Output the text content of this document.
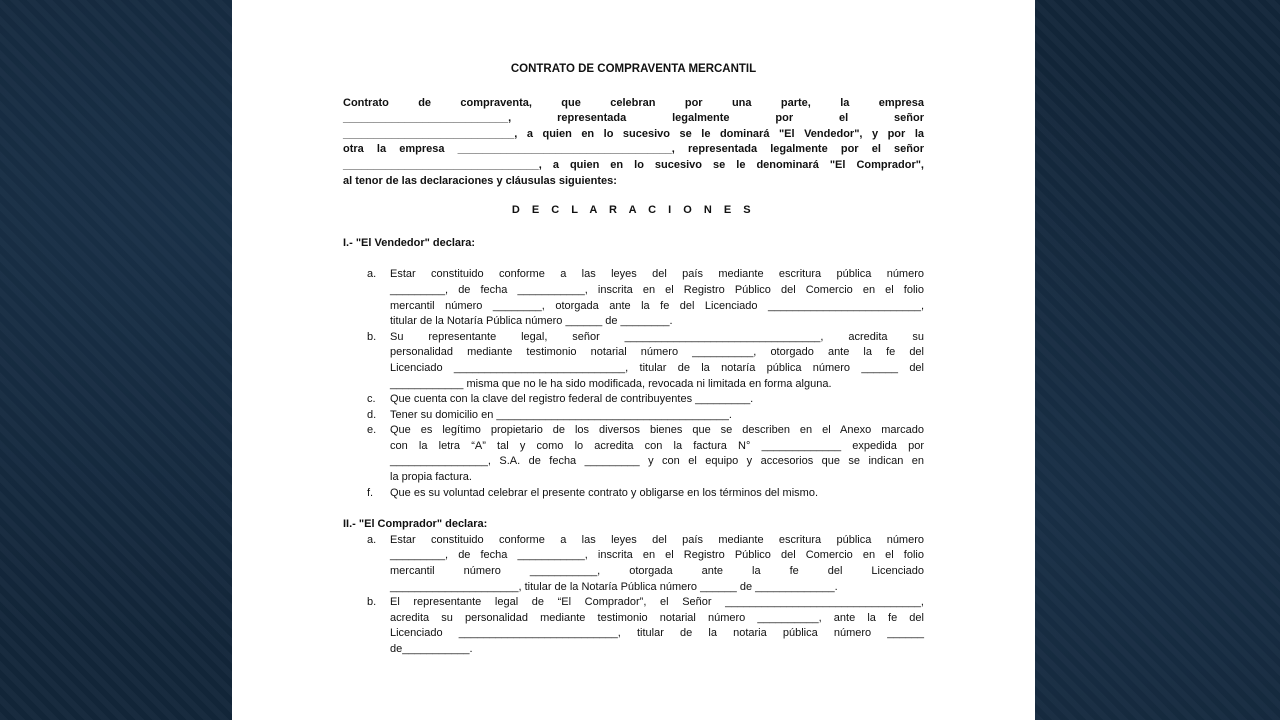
CONTRATO DE COMPRAVENTA MERCANTIL
Contrato de compraventa, que celebran por una parte, la empresa
___________________________, representada legalmente por el señor
____________________________, a quien en lo sucesivo se le dominará "El Vendedor", y por la
otra la empresa ___________________________________, representada legalmente por el señor
________________________________, a quien en lo sucesivo se le denominará "El Comprador",
al tenor de las declaraciones y cláusulas siguientes:
D E C L A R A C I O N E S
I.- "El Vendedor" declara:
a. Estar constituido conforme a las leyes del país mediante escritura pública número
_________, de fecha ___________, inscrita en el Registro Público del Comercio en el folio
mercantil número ________, otorgada ante la fe del Licenciado _________________________,
titular de la Notaría Pública número ______ de ________.
b. Su representante legal, señor ________________________________, acredita su
personalidad mediante testimonio notarial número __________, otorgado ante la fe del
Licenciado ____________________________, titular de la notaría pública número ______ del
____________ misma que no le ha sido modificada, revocada ni limitada en forma alguna.
c. Que cuenta con la clave del registro federal de contribuyentes _________.
d. Tener su domicilio en ______________________________________.
e. Que es legítimo propietario de los diversos bienes que se describen en el Anexo marcado
con la letra “A” tal y como lo acredita con la factura N° _____________ expedida por
________________, S.A. de fecha _________ y con el equipo y accesorios que se indican en
la propia factura.
f. Que es su voluntad celebrar el presente contrato y obligarse en los términos del mismo.
II.- "El Comprador" declara:
a. Estar constituido conforme a las leyes del país mediante escritura pública número
_________, de fecha ___________, inscrita en el Registro Público del Comercio en el folio
mercantil número ___________, otorgada ante la fe del Licenciado
_____________________, titular de la Notaría Pública número ______ de _____________.
b. El representante legal de “El Comprador”, el Señor ________________________________,
acredita su personalidad mediante testimonio notarial número __________, ante la fe del
Licenciado __________________________, titular de la notaria pública número ______
de___________.
